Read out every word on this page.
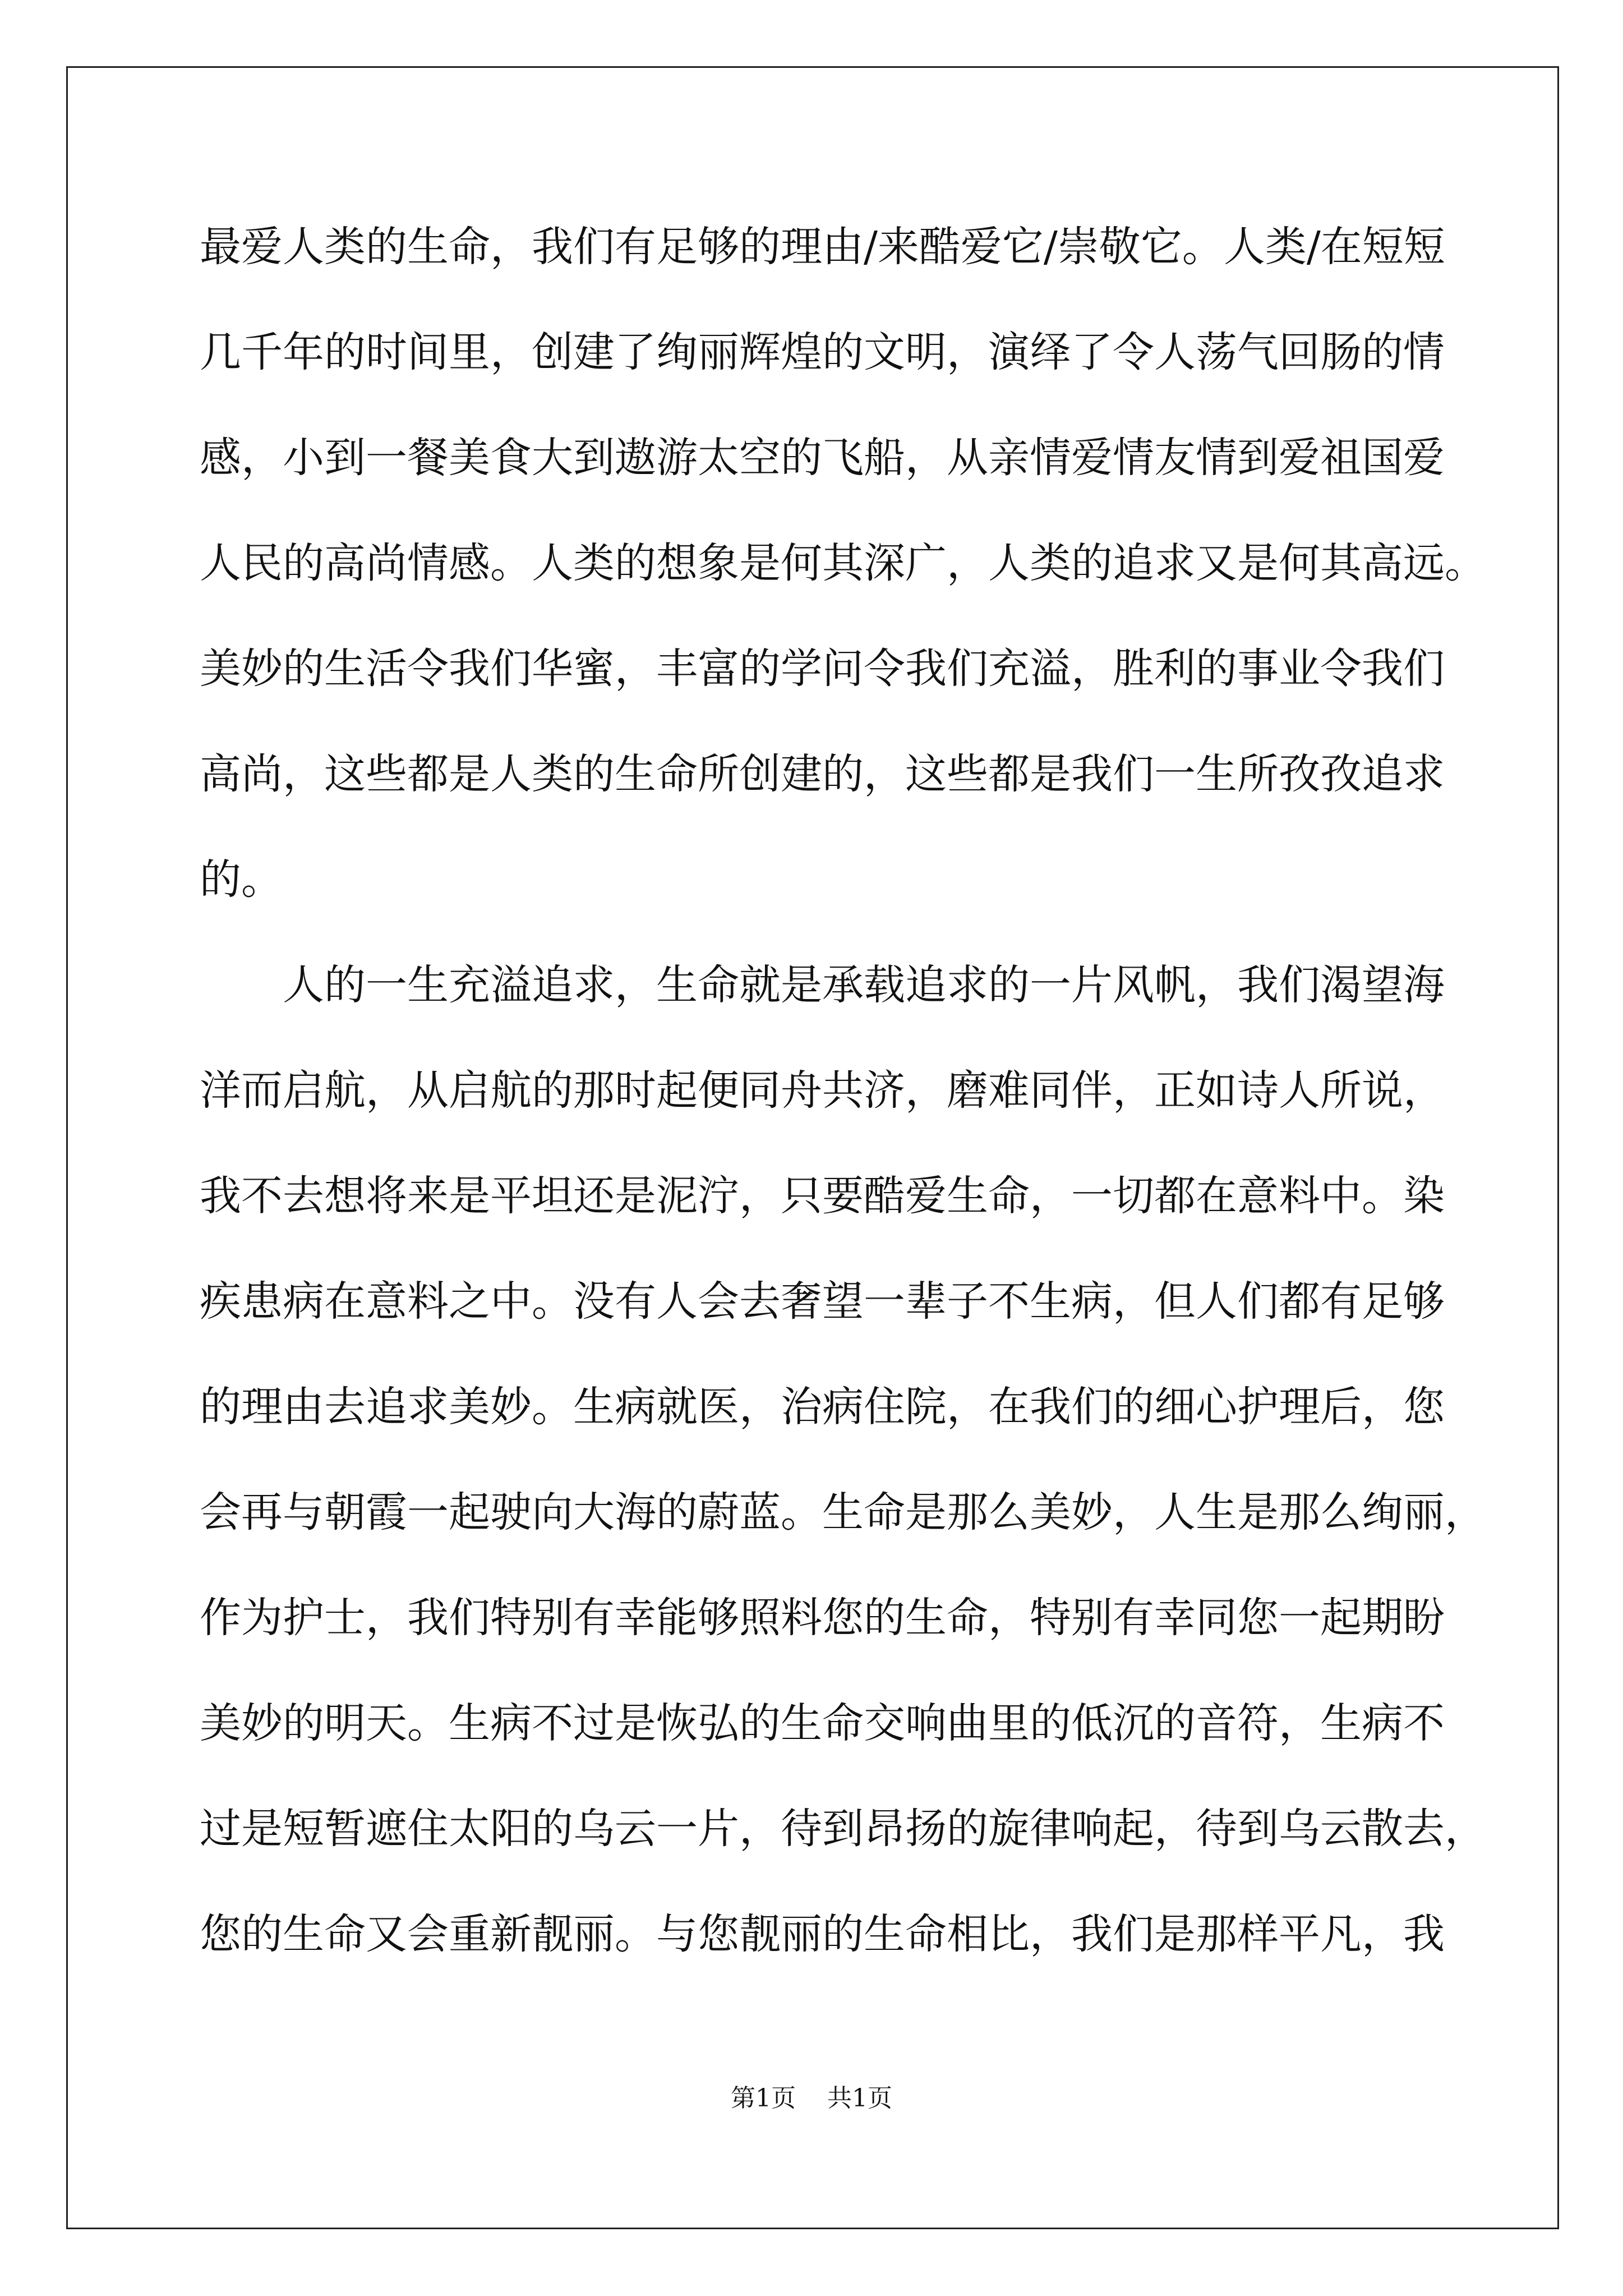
最爱人类的生命，我们有足够的理由/来酷爱它/崇敬它。人类/在短短
几千年的时间里，创建了绚丽辉煌的文明，演绎了令人荡气回肠的情
感，小到一餐美食大到遨游太空的飞船，从亲情爱情友情到爱祖国爱
人民的高尚情感。人类的想象是何其深广，人类的追求又是何其高远。
美妙的生活令我们华蜜，丰富的学问令我们充溢，胜利的事业令我们
高尚，这些都是人类的生命所创建的，这些都是我们一生所孜孜追求
的。
人的一生充溢追求，生命就是承载追求的一片风帆，我们渴望海
洋而启航，从启航的那时起便同舟共济，磨难同伴，正如诗人所说，
我不去想将来是平坦还是泥泞，只要酷爱生命，一切都在意料中。染
疾患病在意料之中。没有人会去奢望一辈子不生病，但人们都有足够
的理由去追求美妙。生病就医，治病住院，在我们的细心护理后，您
会再与朝霞一起驶向大海的蔚蓝。生命是那么美妙，人生是那么绚丽，
作为护士，我们特别有幸能够照料您的生命，特别有幸同您一起期盼
美妙的明天。生病不过是恢弘的生命交响曲里的低沉的音符，生病不
过是短暂遮住太阳的乌云一片，待到昂扬的旋律响起，待到乌云散去，
您的生命又会重新靓丽。与您靓丽的生命相比，我们是那样平凡，我
第1页 共1页
